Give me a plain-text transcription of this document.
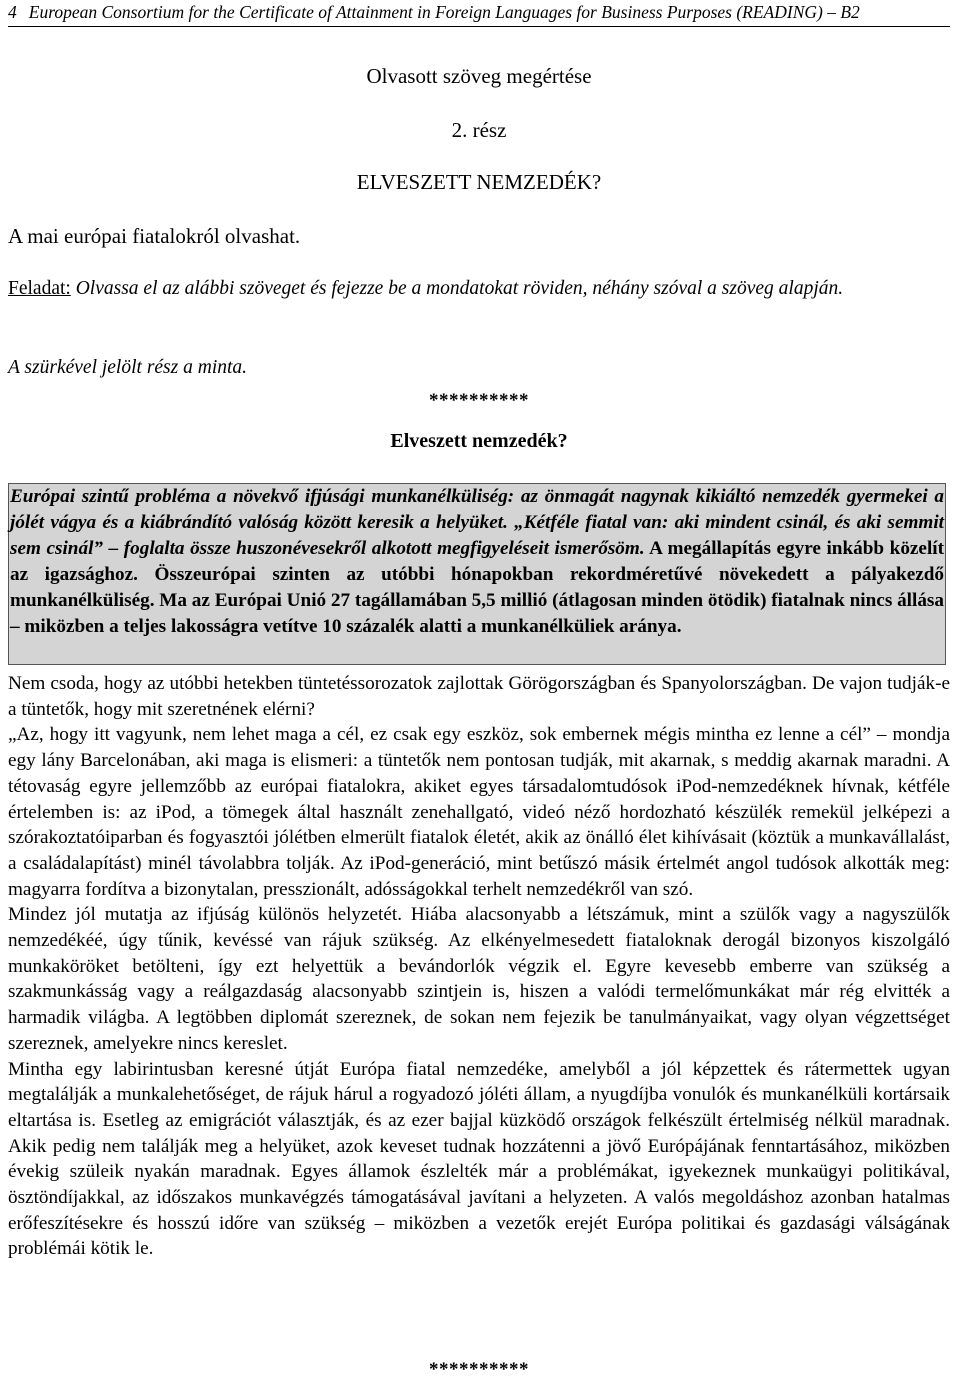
4 European Consortium for the Certificate of Attainment in Foreign Languages for Business Purposes (READING) – B2
Olvasott szöveg megértése
2. rész
ELVESZETT NEMZEDÉK?
A mai európai fiatalokról olvashat.
Feladat: Olvassa el az alábbi szöveget és fejezze be a mondatokat röviden, néhány szóval a szöveg alapján.
A szürkével jelölt rész a minta.
**********
Elveszett nemzedék?

Európai szintű probléma a növekvő ifjúsági munkanélküliség: az önmagát nagynak kikiáltó nemzedék gyermekei a jólét vágya és a kiábrándító valóság között keresik a helyüket. „Kétféle fiatal van: aki mindent csinál, és aki semmit sem csinál” – foglalta össze huszonévesekről alkotott megfigyeléseit ismerősöm. A megállapítás egyre inkább közelít az igazsághoz. Összeurópai szinten az utóbbi hónapokban rekordméretűvé növekedett a pályakezdő munkanélküliség. Ma az Európai Unió 27 tagállamában 5,5 millió (átlagosan minden ötödik) fiatalnak nincs állása – miközben a teljes lakosságra vetítve 10 százalék alatti a munkanélküliek aránya.

Nem csoda, hogy az utóbbi hetekben tüntetéssorozatok zajlottak Görögországban és Spanyolországban. De vajon tudják-e a tüntetők, hogy mit szeretnének elérni?

„Az, hogy itt vagyunk, nem lehet maga a cél, ez csak egy eszköz, sok embernek mégis mintha ez lenne a cél” – mondja egy lány Barcelonában, aki maga is elismeri: a tüntetők nem pontosan tudják, mit akarnak, s meddig akarnak maradni. A tétovaság egyre jellemzőbb az európai fiatalokra, akiket egyes társadalomtudósok iPod-nemzedéknek hívnak, kétféle értelemben is: az iPod, a tömegek által használt zenehallgató, videó néző hordozható készülék remekül jelképezi a szórakoztatóiparban és fogyasztói jólétben elmerült fiatalok életét, akik az önálló élet kihívásait (köztük a munkavállalást, a családalapítást) minél távolabbra tolják. Az iPod-generáció, mint betűszó másik értelmét angol tudósok alkották meg: magyarra fordítva a bizonytalan, presszionált, adósságokkal terhelt nemzedékről van szó.

Mindez jól mutatja az ifjúság különös helyzetét. Hiába alacsonyabb a létszámuk, mint a szülők vagy a nagyszülők nemzedékéé, úgy tűnik, kevéssé van rájuk szükség. Az elkényelmesedett fiataloknak derogál bizonyos kiszolgáló munkaköröket betölteni, így ezt helyettük a bevándorlók végzik el. Egyre kevesebb emberre van szükség a szakmunkásság vagy a reálgazdaság alacsonyabb szintjein is, hiszen a valódi termelőmunkákat már rég elvitték a harmadik világba. A legtöbben diplomát szereznek, de sokan nem fejezik be tanulmányaikat, vagy olyan végzettséget szereznek, amelyekre nincs kereslet.

Mintha egy labirintusban keresné útját Európa fiatal nemzedéke, amelyből a jól képzettek és rátermettek ugyan megtalálják a munkalehetőséget, de rájuk hárul a rogyadozó jóléti állam, a nyugdíjba vonulók és munkanélküli kortársaik eltartása is. Esetleg az emigrációt választják, és az ezer bajjal küzködő országok felkészült értelmiség nélkül maradnak. Akik pedig nem találják meg a helyüket, azok keveset tudnak hozzátenni a jövő Európájának fenntartásához, miközben évekig szüleik nyakán maradnak. Egyes államok észlelték már a problémákat, igyekeznek munkaügyi politikával, ösztöndíjakkal, az időszakos munkavégzés támogatásával javítani a helyzeten. A valós megoldáshoz azonban hatalmas erőfeszítésekre és hosszú időre van szükség – miközben a vezetők erejét Európa politikai és gazdasági válságának problémái kötik le.

**********
